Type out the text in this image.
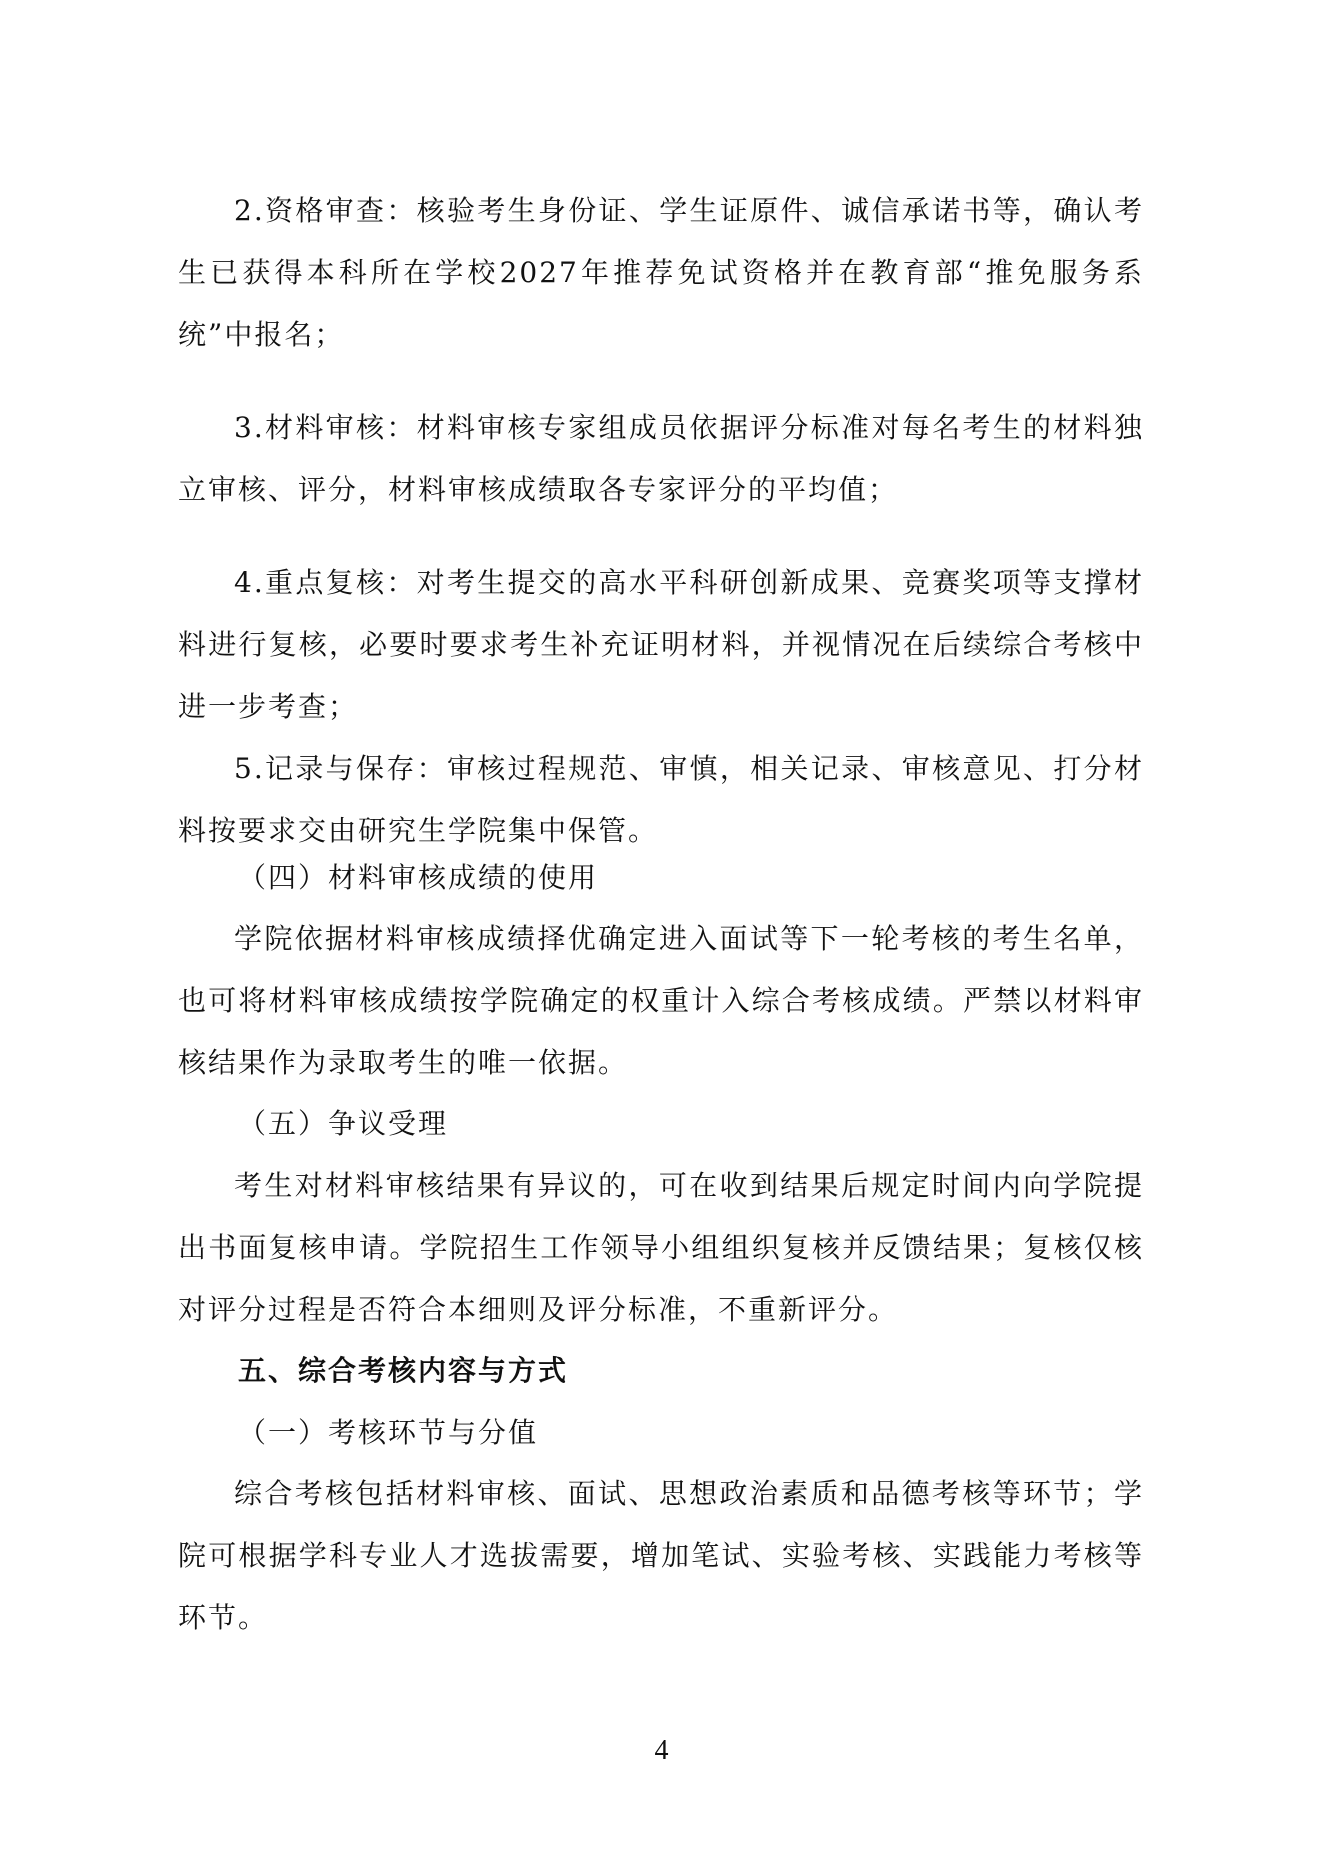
2.资格审查：核验考生身份证、学生证原件、诚信承诺书等，确认考生已获得本科所在学校2027年推荐免试资格并在教育部“推免服务系统”中报名；

3.材料审核：材料审核专家组成员依据评分标准对每名考生的材料独立审核、评分，材料审核成绩取各专家评分的平均值；

4.重点复核：对考生提交的高水平科研创新成果、竞赛奖项等支撑材料进行复核，必要时要求考生补充证明材料，并视情况在后续综合考核中进一步考查；

5.记录与保存：审核过程规范、审慎，相关记录、审核意见、打分材料按要求交由研究生学院集中保管。

（四）材料审核成绩的使用

学院依据材料审核成绩择优确定进入面试等下一轮考核的考生名单，也可将材料审核成绩按学院确定的权重计入综合考核成绩。严禁以材料审核结果作为录取考生的唯一依据。

（五）争议受理

考生对材料审核结果有异议的，可在收到结果后规定时间内向学院提出书面复核申请。学院招生工作领导小组组织复核并反馈结果；复核仅核对评分过程是否符合本细则及评分标准，不重新评分。

五、综合考核内容与方式

（一）考核环节与分值

综合考核包括材料审核、面试、思想政治素质和品德考核等环节；学院可根据学科专业人才选拔需要，增加笔试、实验考核、实践能力考核等环节。

4
